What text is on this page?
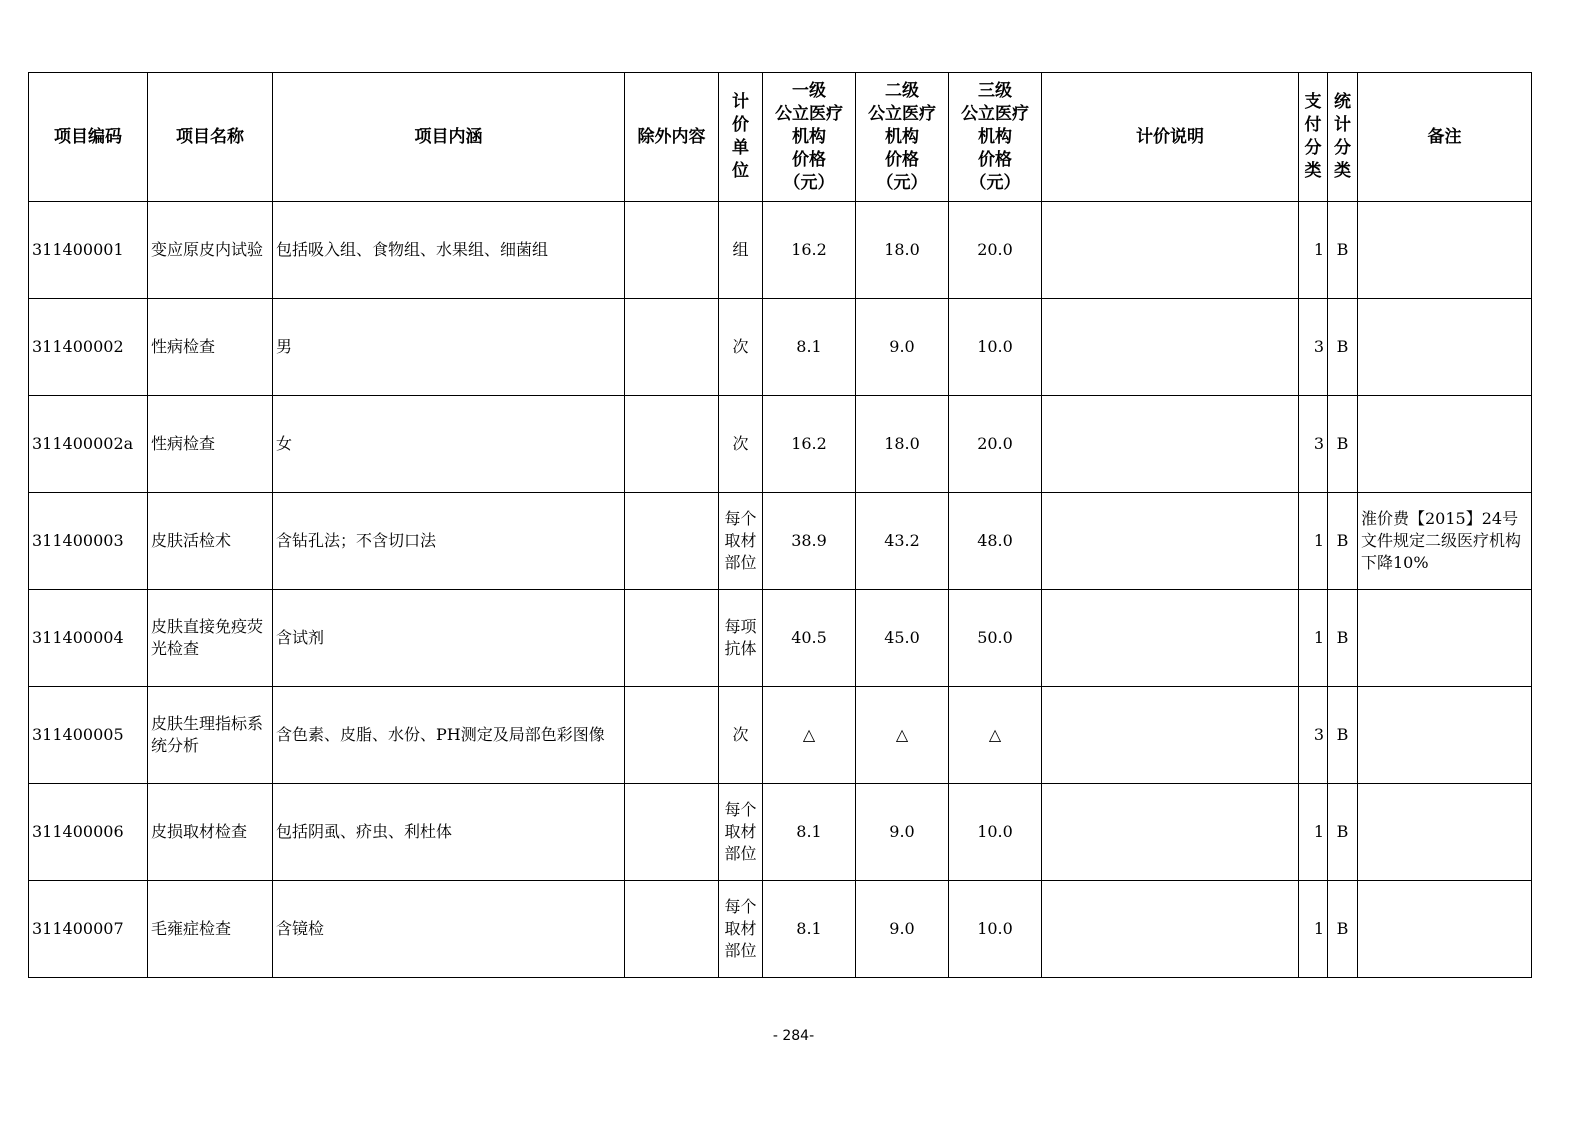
项目编码	项目名称	项目内涵	除外内容	计价单位	一级
公立医疗
机构
价格
（元）	二级
公立医疗
机构
价格
（元）	三级
公立医疗
机构
价格
（元）	计价说明	支付分类	统计分类	备注
311400001	变应原皮内试验	包括吸入组、食物组、水果组、细菌组		组	16.2	18.0	20.0		1	B	
311400002	性病检查	男		次	8.1	9.0	10.0		3	B	
311400002a	性病检查	女		次	16.2	18.0	20.0		3	B	
311400003	皮肤活检术	含钻孔法；不含切口法		每个取材部位	38.9	43.2	48.0		1	B	淮价费【2015】24号文件规定二级医疗机构下降10%
311400004	皮肤直接免疫荧光检查	含试剂		每项抗体	40.5	45.0	50.0		1	B	
311400005	皮肤生理指标系统分析	含色素、皮脂、水份、PH测定及局部色彩图像		次	△	△	△		3	B	
311400006	皮损取材检查	包括阴虱、疥虫、利杜体		每个取材部位	8.1	9.0	10.0		1	B	
311400007	毛雍症检查	含镜检		每个取材部位	8.1	9.0	10.0		1	B	
- 284-
